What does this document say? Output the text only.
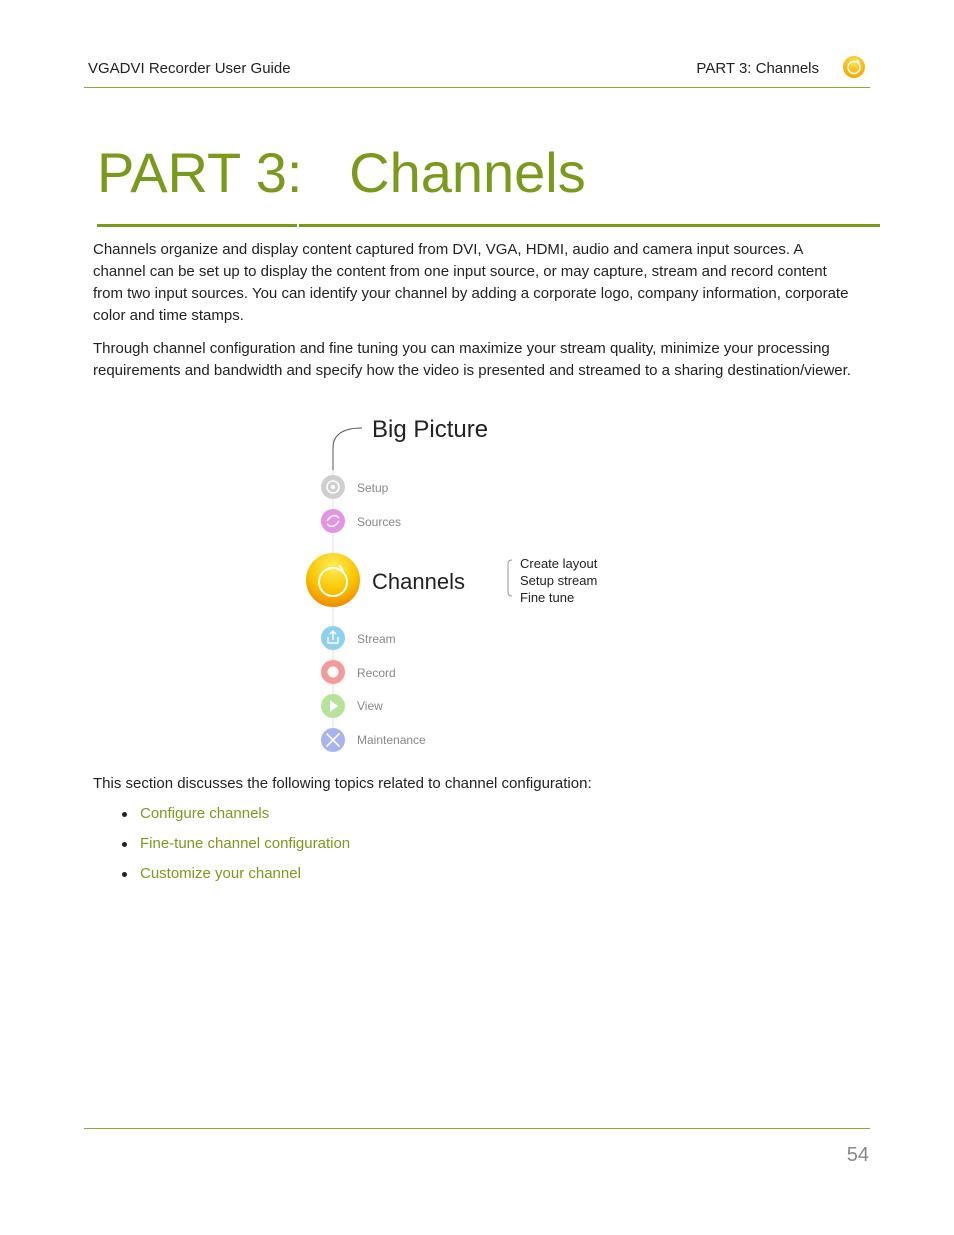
VGADVI Recorder User Guide	PART 3: Channels
PART 3: Channels

Channels organize and display content captured from DVI, VGA, HDMI, audio and camera input sources. A channel can be set up to display the content from one input source, or may capture, stream and record content from two input sources. You can identify your channel by adding a corporate logo, company information, corporate color and time stamps.

Through channel configuration and fine tuning you can maximize your stream quality, minimize your processing requirements and bandwidth and specify how the video is presented and streamed to a sharing destination/viewer.

Big Picture
Setup
Sources
Channels
Create layout
Setup stream
Fine tune
Stream
Record
View
Maintenance

This section discusses the following topics related to channel configuration:

Configure channels
Fine-tune channel configuration
Customize your channel
54
